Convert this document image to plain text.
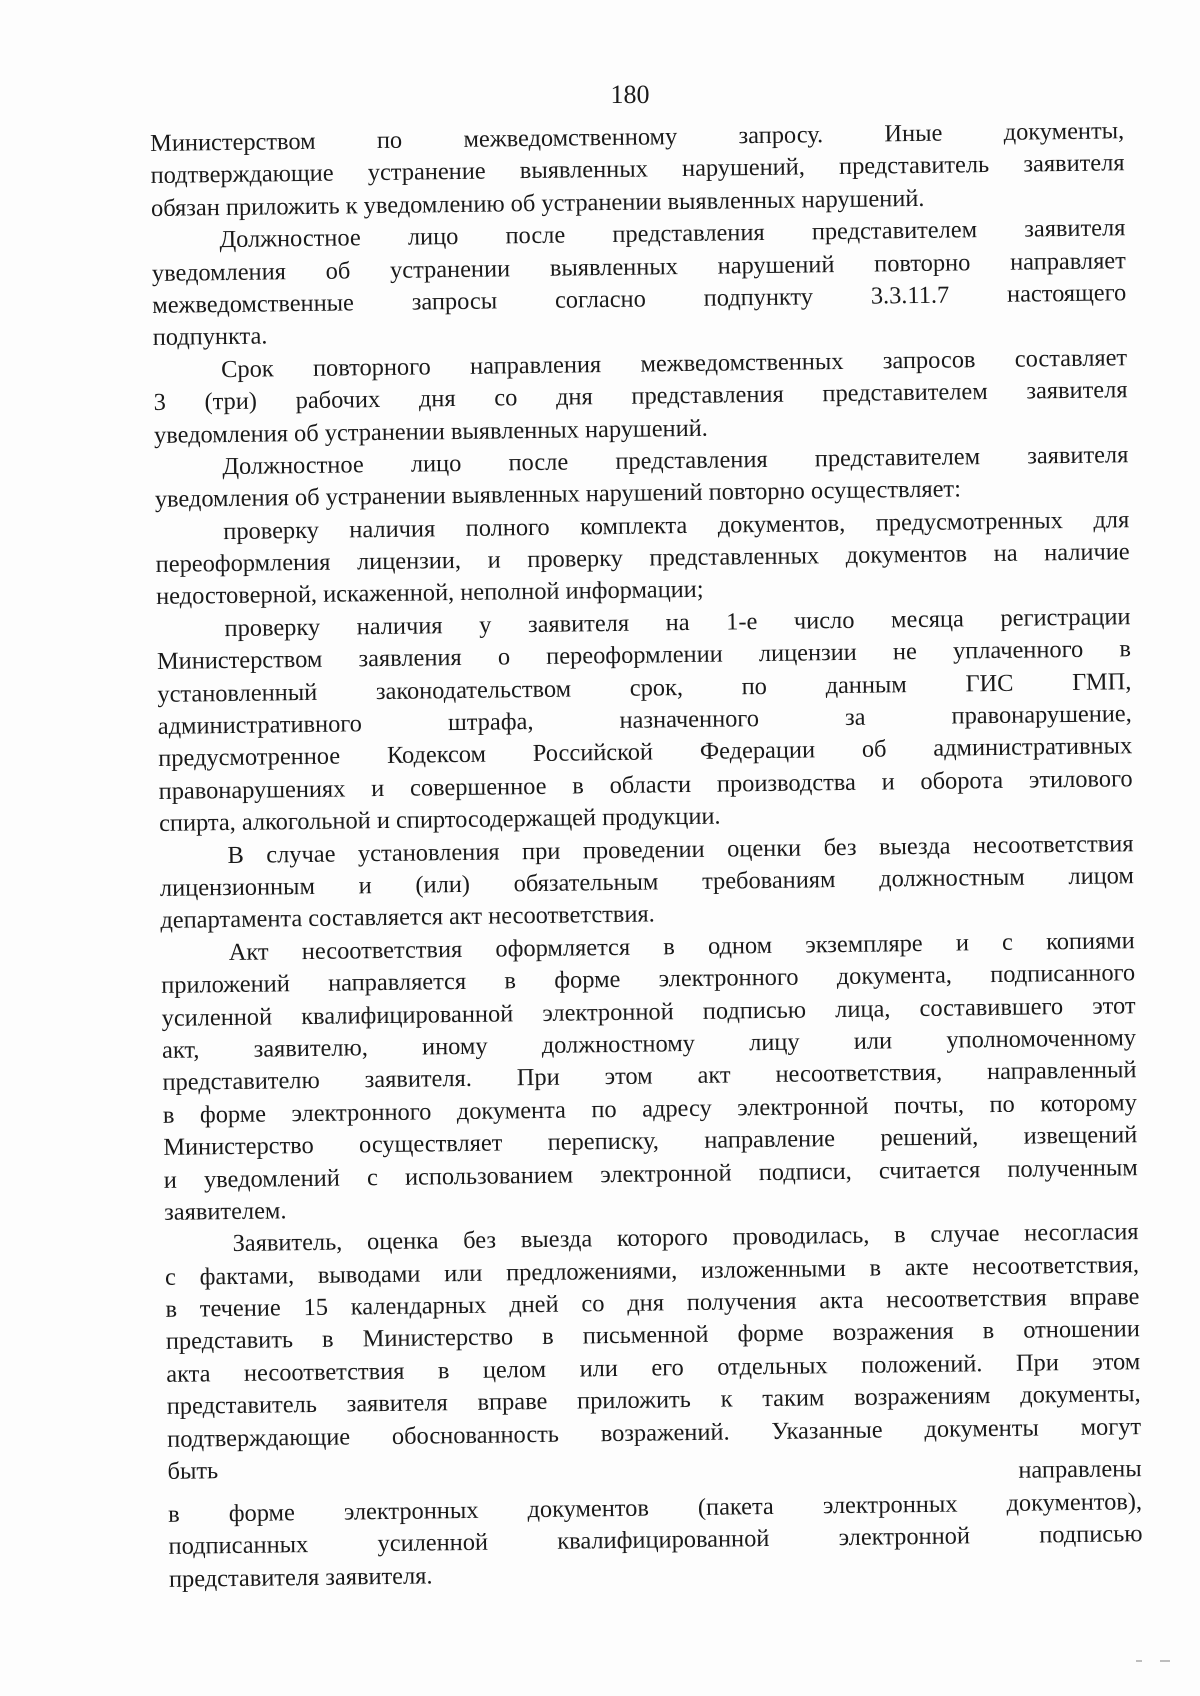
180
Министерством по межведомственному запросу. Иные документы,
подтверждающие устранение выявленных нарушений, представитель заявителя
обязан приложить к уведомлению об устранении выявленных нарушений.
Должностное лицо после представления представителем заявителя
уведомления об устранении выявленных нарушений повторно направляет
межведомственные запросы согласно подпункту 3.3.11.7 настоящего
подпункта.
Срок повторного направления межведомственных запросов составляет
3 (три) рабочих дня со дня представления представителем заявителя
уведомления об устранении выявленных нарушений.
Должностное лицо после представления представителем заявителя
уведомления об устранении выявленных нарушений повторно осуществляет:
проверку наличия полного комплекта документов, предусмотренных для
переоформления лицензии, и проверку представленных документов на наличие
недостоверной, искаженной, неполной информации;
проверку наличия у заявителя на 1-е число месяца регистрации
Министерством заявления о переоформлении лицензии не уплаченного в
установленный законодательством срок, по данным ГИС ГМП,
административного штрафа, назначенного за правонарушение,
предусмотренное Кодексом Российской Федерации об административных
правонарушениях и совершенное в области производства и оборота этилового
спирта, алкогольной и спиртосодержащей продукции.
В случае установления при проведении оценки без выезда несоответствия
лицензионным и (или) обязательным требованиям должностным лицом
департамента составляется акт несоответствия.
Акт несоответствия оформляется в одном экземпляре и с копиями
приложений направляется в форме электронного документа, подписанного
усиленной квалифицированной электронной подписью лица, составившего этот
акт, заявителю, иному должностному лицу или уполномоченному
представителю заявителя. При этом акт несоответствия, направленный
в форме электронного документа по адресу электронной почты, по которому
Министерство осуществляет переписку, направление решений, извещений
и уведомлений с использованием электронной подписи, считается полученным
заявителем.
Заявитель, оценка без выезда которого проводилась, в случае несогласия
с фактами, выводами или предложениями, изложенными в акте несоответствия,
в течение 15 календарных дней со дня получения акта несоответствия вправе
представить в Министерство в письменной форме возражения в отношении
акта несоответствия в целом или его отдельных положений. При этом
представитель заявителя вправе приложить к таким возражениям документы,
подтверждающие обоснованность возражений. Указанные документы могут
быть	направлены
в форме электронных документов (пакета электронных документов),
подписанных усиленной квалифицированной электронной подписью
представителя заявителя.
